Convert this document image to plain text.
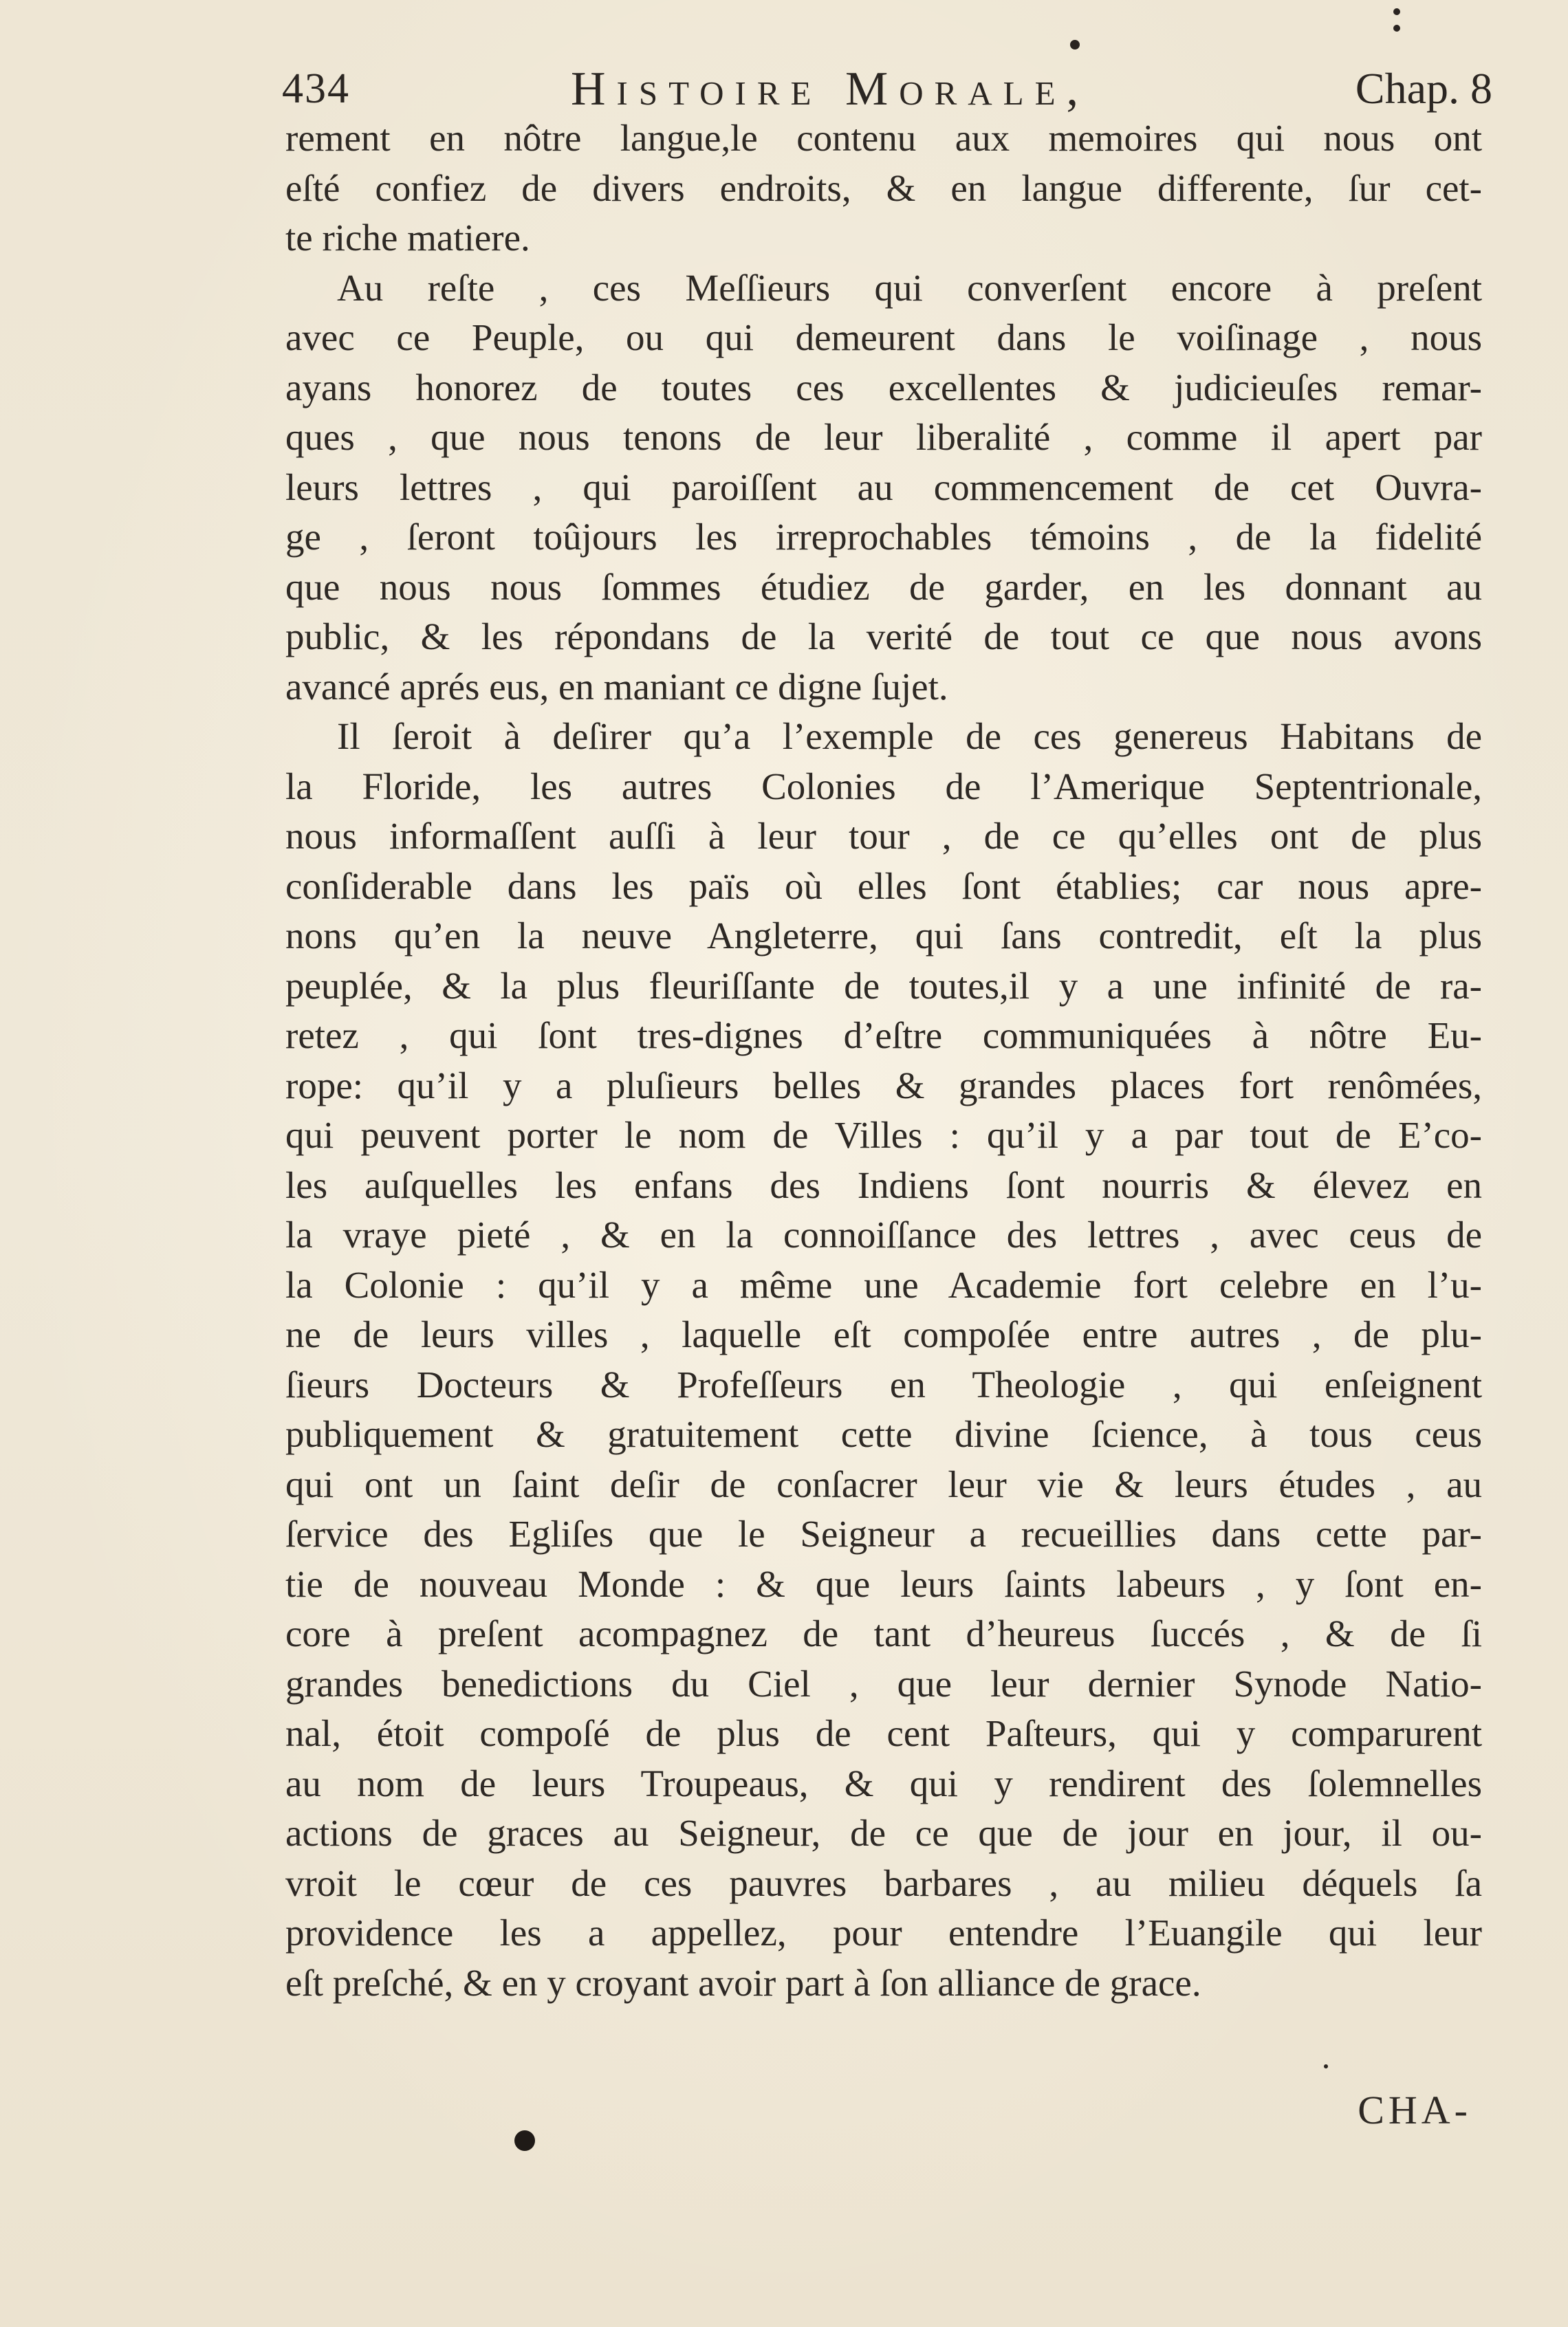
434	Histoire Morale,	Chap. 8
rement en nôtre langue,le contenu aux memoires qui nous ont
eſté confiez de divers endroits, & en langue differente, ſur cet-
te riche matiere.
Au reſte , ces Meſſieurs qui converſent encore à preſent
avec ce Peuple, ou qui demeurent dans le voiſinage , nous
ayans honorez de toutes ces excellentes & judicieuſes remar-
ques , que nous tenons de leur liberalité , comme il apert par
leurs lettres , qui paroiſſent au commencement de cet Ouvra-
ge , ſeront toûjours les irreprochables témoins , de la fidelité
que nous nous ſommes étudiez de garder, en les donnant au
public, & les répondans de la verité de tout ce que nous avons
avancé aprés eus, en maniant ce digne ſujet.
Il ſeroit à deſirer qu’a l’exemple de ces genereus Habitans de
la Floride, les autres Colonies de l’Amerique Septentrionale,
nous informaſſent auſſi à leur tour , de ce qu’elles ont de plus
conſiderable dans les païs où elles ſont établies; car nous apre-
nons qu’en la neuve Angleterre, qui ſans contredit, eſt la plus
peuplée, & la plus fleuriſſante de toutes,il y a une infinité de ra-
retez , qui ſont tres-dignes d’eſtre communiquées à nôtre Eu-
rope: qu’il y a pluſieurs belles & grandes places fort renômées,
qui peuvent porter le nom de Villes : qu’il y a par tout de E’co-
les auſquelles les enfans des Indiens ſont nourris & élevez en
la vraye pieté , & en la connoiſſance des lettres , avec ceus de
la Colonie : qu’il y a même une Academie fort celebre en l’u-
ne de leurs villes , laquelle eſt compoſée entre autres , de plu-
ſieurs Docteurs & Profeſſeurs en Theologie , qui enſeignent
publiquement & gratuitement cette divine ſcience, à tous ceus
qui ont un ſaint deſir de conſacrer leur vie & leurs études , au
ſervice des Egliſes que le Seigneur a recueillies dans cette par-
tie de nouveau Monde : & que leurs ſaints labeurs , y ſont en-
core à preſent acompagnez de tant d’heureus ſuccés , & de ſi
grandes benedictions du Ciel , que leur dernier Synode Natio-
nal, étoit compoſé de plus de cent Paſteurs, qui y comparurent
au nom de leurs Troupeaus, & qui y rendirent des ſolemnelles
actions de graces au Seigneur, de ce que de jour en jour, il ou-
vroit le cœur de ces pauvres barbares , au milieu déquels ſa
providence les a appellez, pour entendre l’Euangile qui leur
eſt preſché, & en y croyant avoir part à ſon alliance de grace.
CHA-
